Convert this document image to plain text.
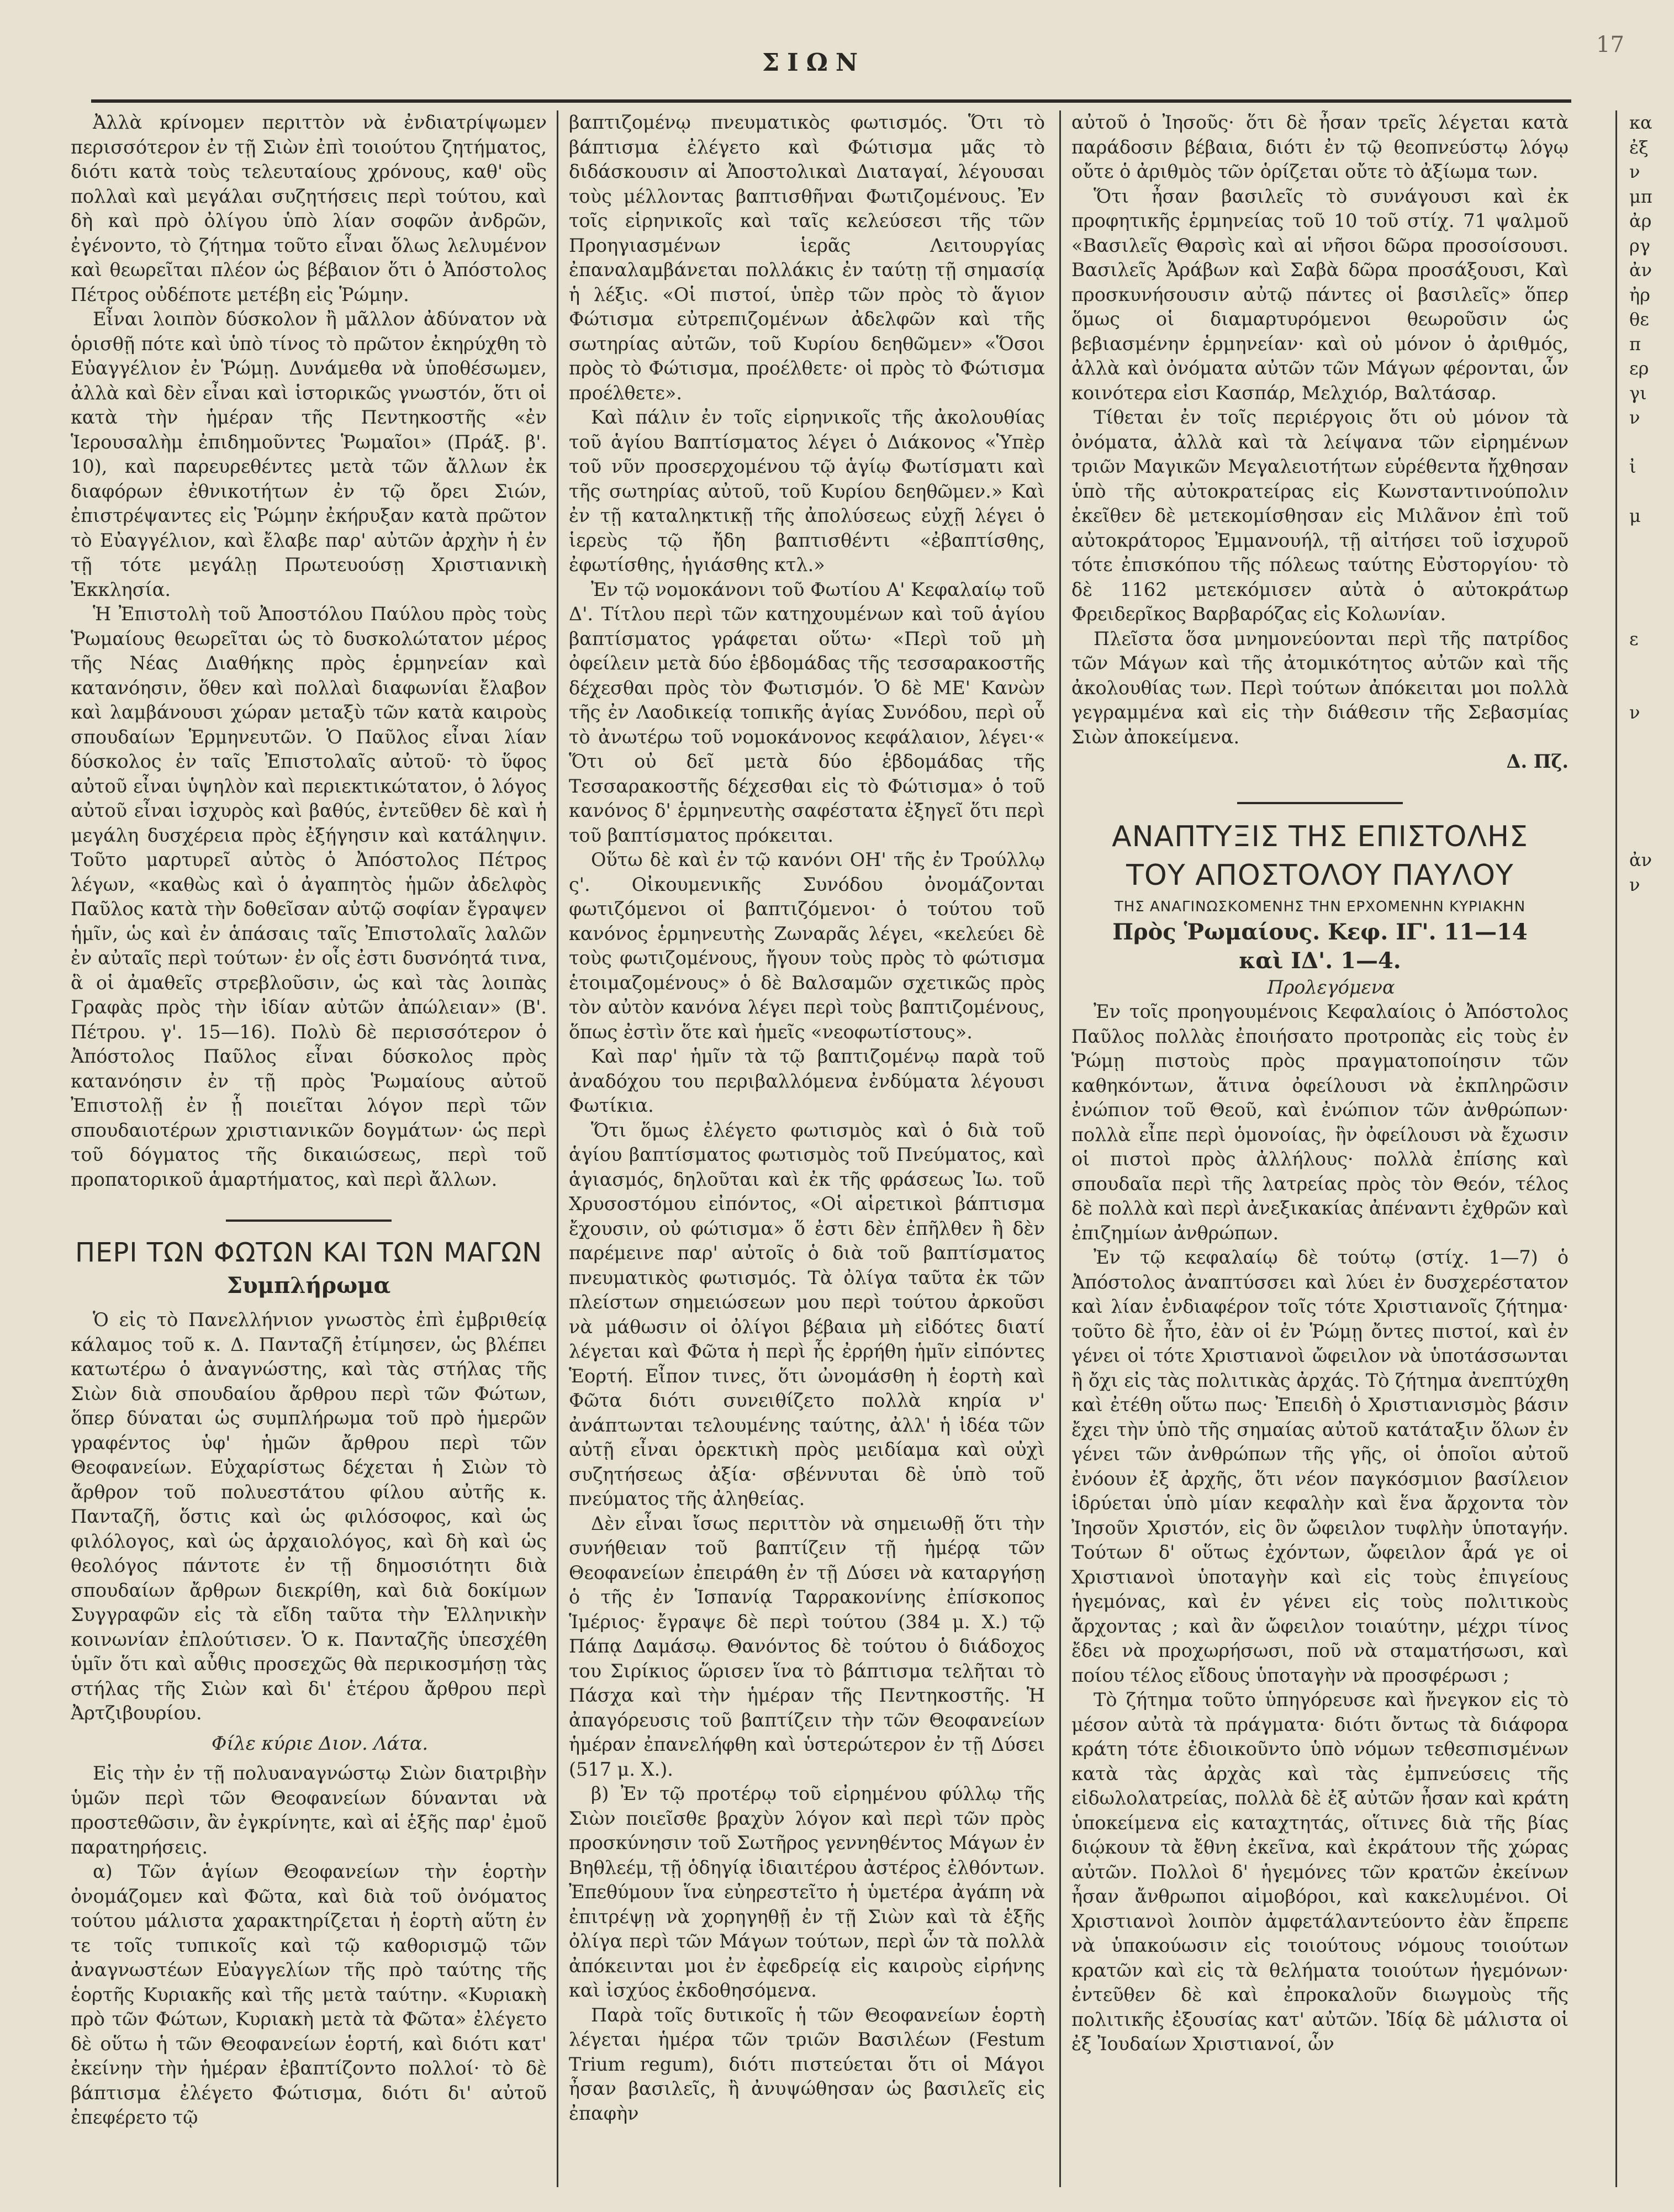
ΣΙΩΝ
17

Ἀλλὰ κρίνομεν περιττὸν νὰ ἐνδιατρίψωμεν περισσότερον ἐν τῇ Σιὼν ἐπὶ τοιούτου ζητήματος, διότι κατὰ τοὺς τελευταίους χρόνους, καθ' οὓς πολλαὶ καὶ μεγάλαι συζητήσεις περὶ τούτου, καὶ δὴ καὶ πρὸ ὀλίγου ὑπὸ λίαν σοφῶν ἀνδρῶν, ἐγένοντο, τὸ ζήτημα τοῦτο εἶναι ὅλως λελυμένον καὶ θεωρεῖται πλέον ὡς βέβαιον ὅτι ὁ Ἀπόστολος Πέτρος οὐδέποτε μετέβη εἰς Ῥώμην.

Εἶναι λοιπὸν δύσκολον ἢ μᾶλλον ἀδύνατον νὰ ὁρισθῇ πότε καὶ ὑπὸ τίνος τὸ πρῶτον ἐκηρύχθη τὸ Εὐαγγέλιον ἐν Ῥώμῃ. Δυνάμεθα νὰ ὑποθέσωμεν, ἀλλὰ καὶ δὲν εἶναι καὶ ἱστορικῶς γνωστόν, ὅτι οἱ κατὰ τὴν ἡμέραν τῆς Πεντηκοστῆς «ἐν Ἱερουσαλὴμ ἐπιδημοῦντες Ῥωμαῖοι» (Πράξ. β'. 10), καὶ παρευρεθέντες μετὰ τῶν ἄλλων ἐκ διαφόρων ἐθνικοτήτων ἐν τῷ ὄρει Σιών, ἐπιστρέψαντες εἰς Ῥώμην ἐκήρυξαν κατὰ πρῶτον τὸ Εὐαγγέλιον, καὶ ἔλαβε παρ' αὐτῶν ἀρχὴν ἡ ἐν τῇ τότε μεγάλῃ Πρωτευούσῃ Χριστιανικὴ Ἐκκλησία.

Ἡ Ἐπιστολὴ τοῦ Ἀποστόλου Παύλου πρὸς τοὺς Ῥωμαίους θεωρεῖται ὡς τὸ δυσκολώτατον μέρος τῆς Νέας Διαθήκης πρὸς ἑρμηνείαν καὶ κατανόησιν, ὅθεν καὶ πολλαὶ διαφωνίαι ἔλαβον καὶ λαμβάνουσι χώραν μεταξὺ τῶν κατὰ καιροὺς σπουδαίων Ἑρμηνευτῶν. Ὁ Παῦλος εἶναι λίαν δύσκολος ἐν ταῖς Ἐπιστολαῖς αὐτοῦ· τὸ ὕφος αὐτοῦ εἶναι ὑψηλὸν καὶ περιεκτικώτατον, ὁ λόγος αὐτοῦ εἶναι ἰσχυρὸς καὶ βαθύς, ἐντεῦθεν δὲ καὶ ἡ μεγάλη δυσχέρεια πρὸς ἐξήγησιν καὶ κατάληψιν. Τοῦτο μαρτυρεῖ αὐτὸς ὁ Ἀπόστολος Πέτρος λέγων, «καθὼς καὶ ὁ ἀγαπητὸς ἡμῶν ἀδελφὸς Παῦλος κατὰ τὴν δοθεῖσαν αὐτῷ σοφίαν ἔγραψεν ἡμῖν, ὡς καὶ ἐν ἁπάσαις ταῖς Ἐπιστολαῖς λαλῶν ἐν αὐταῖς περὶ τούτων· ἐν οἷς ἐστι δυσνόητά τινα, ἃ οἱ ἀμαθεῖς στρεβλοῦσιν, ὡς καὶ τὰς λοιπὰς Γραφὰς πρὸς τὴν ἰδίαν αὐτῶν ἀπώλειαν» (Β'. Πέτρου. γ'. 15—16). Πολὺ δὲ περισσότερον ὁ Ἀπόστολος Παῦλος εἶναι δύσκολος πρὸς κατανόησιν ἐν τῇ πρὸς Ῥωμαίους αὐτοῦ Ἐπιστολῇ ἐν ᾗ ποιεῖται λόγον περὶ τῶν σπουδαιοτέρων χριστιανικῶν δογμάτων· ὡς περὶ τοῦ δόγματος τῆς δικαιώσεως, περὶ τοῦ προπατορικοῦ ἁμαρτήματος, καὶ περὶ ἄλλων.

ΠΕΡΙ ΤΩΝ ΦΩΤΩΝ ΚΑΙ ΤΩΝ ΜΑΓΩΝ
Συμπλήρωμα

Ὁ εἰς τὸ Πανελλήνιον γνωστὸς ἐπὶ ἐμβριθείᾳ κάλαμος τοῦ κ. Δ. Πανταζῆ ἐτίμησεν, ὡς βλέπει κατωτέρω ὁ ἀναγνώστης, καὶ τὰς στήλας τῆς Σιὼν διὰ σπουδαίου ἄρθρου περὶ τῶν Φώτων, ὅπερ δύναται ὡς συμπλήρωμα τοῦ πρὸ ἡμερῶν γραφέντος ὑφ' ἡμῶν ἄρθρου περὶ τῶν Θεοφανείων. Εὐχαρίστως δέχεται ἡ Σιὼν τὸ ἄρθρον τοῦ πολυεστάτου φίλου αὐτῆς κ. Πανταζῆ, ὅστις καὶ ὡς φιλόσοφος, καὶ ὡς φιλόλογος, καὶ ὡς ἀρχαιολόγος, καὶ δὴ καὶ ὡς θεολόγος πάντοτε ἐν τῇ δημοσιότητι διὰ σπουδαίων ἄρθρων διεκρίθη, καὶ διὰ δοκίμων Συγγραφῶν εἰς τὰ εἴδη ταῦτα τὴν Ἑλληνικὴν κοινωνίαν ἐπλούτισεν. Ὁ κ. Πανταζῆς ὑπεσχέθη ὑμῖν ὅτι καὶ αὖθις προσεχῶς θὰ περικοσμήσῃ τὰς στήλας τῆς Σιὼν καὶ δι' ἑτέρου ἄρθρου περὶ Ἀρτζιβουρίου.

Φίλε κύριε Διον. Λάτα.

Εἰς τὴν ἐν τῇ πολυαναγνώστῳ Σιὼν διατριβὴν ὑμῶν περὶ τῶν Θεοφανείων δύνανται νὰ προστεθῶσιν, ἂν ἐγκρίνητε, καὶ αἱ ἑξῆς παρ' ἐμοῦ παρατηρήσεις.

α) Τῶν ἁγίων Θεοφανείων τὴν ἑορτὴν ὀνομάζομεν καὶ Φῶτα, καὶ διὰ τοῦ ὀνόματος τούτου μάλιστα χαρακτηρίζεται ἡ ἑορτὴ αὕτη ἐν τε τοῖς τυπικοῖς καὶ τῷ καθορισμῷ τῶν ἀναγνωστέων Εὐαγγελίων τῆς πρὸ ταύτης τῆς ἑορτῆς Κυριακῆς καὶ τῆς μετὰ ταύτην. «Κυριακὴ πρὸ τῶν Φώτων, Κυριακὴ μετὰ τὰ Φῶτα» ἐλέγετο δὲ οὕτω ἡ τῶν Θεοφανείων ἑορτή, καὶ διότι κατ' ἐκείνην τὴν ἡμέραν ἐβαπτίζοντο πολλοί· τὸ δὲ βάπτισμα ἐλέγετο Φώτισμα, διότι δι' αὐτοῦ ἐπεφέρετο τῷ

βαπτιζομένῳ πνευματικὸς φωτισμός. Ὅτι τὸ βάπτισμα ἐλέγετο καὶ Φώτισμα μᾶς τὸ διδάσκουσιν αἱ Ἀποστολικαὶ Διαταγαί, λέγουσαι τοὺς μέλλοντας βαπτισθῆναι Φωτιζομένους. Ἐν τοῖς εἱρηνικοῖς καὶ ταῖς κελεύσεσι τῆς τῶν Προηγιασμένων ἱερᾶς Λειτουργίας ἐπαναλαμβάνεται πολλάκις ἐν ταύτῃ τῇ σημασίᾳ ἡ λέξις. «Οἱ πιστοί, ὑπὲρ τῶν πρὸς τὸ ἅγιον Φώτισμα εὐτρεπιζομένων ἀδελφῶν καὶ τῆς σωτηρίας αὐτῶν, τοῦ Κυρίου δεηθῶμεν» «Ὅσοι πρὸς τὸ Φώτισμα, προέλθετε· οἱ πρὸς τὸ Φώτισμα προέλθετε».

Καὶ πάλιν ἐν τοῖς εἱρηνικοῖς τῆς ἀκολουθίας τοῦ ἁγίου Βαπτίσματος λέγει ὁ Διάκονος «Ὑπὲρ τοῦ νῦν προσερχομένου τῷ ἁγίῳ Φωτίσματι καὶ τῆς σωτηρίας αὐτοῦ, τοῦ Κυρίου δεηθῶμεν.» Καὶ ἐν τῇ καταληκτικῇ τῆς ἀπολύσεως εὐχῇ λέγει ὁ ἱερεὺς τῷ ἤδη βαπτισθέντι «ἐβαπτίσθης, ἐφωτίσθης, ἡγιάσθης κτλ.»

Ἐν τῷ νομοκάνονι τοῦ Φωτίου Α' Κεφαλαίῳ τοῦ Δ'. Τίτλου περὶ τῶν κατηχουμένων καὶ τοῦ ἁγίου βαπτίσματος γράφεται οὕτω· «Περὶ τοῦ μὴ ὀφείλειν μετὰ δύο ἑβδομάδας τῆς τεσσαρακοστῆς δέχεσθαι πρὸς τὸν Φωτισμόν. Ὁ δὲ ΜΕ' Κανὼν τῆς ἐν Λαοδικείᾳ τοπικῆς ἁγίας Συνόδου, περὶ οὗ τὸ ἀνωτέρω τοῦ νομοκάνονος κεφάλαιον, λέγει·« Ὅτι οὐ δεῖ μετὰ δύο ἑβδομάδας τῆς Τεσσαρακοστῆς δέχεσθαι εἰς τὸ Φώτισμα» ὁ τοῦ κανόνος δ' ἑρμηνευτὴς σαφέστατα ἐξηγεῖ ὅτι περὶ τοῦ βαπτίσματος πρόκειται.

Οὕτω δὲ καὶ ἐν τῷ κανόνι ΟΗ' τῆς ἐν Τρούλλῳ ς'. Οἰκουμενικῆς Συνόδου ὀνομάζονται φωτιζόμενοι οἱ βαπτιζόμενοι· ὁ τούτου τοῦ κανόνος ἑρμηνευτὴς Ζωναρᾶς λέγει, «κελεύει δὲ τοὺς φωτιζομένους, ἤγουν τοὺς πρὸς τὸ φώτισμα ἑτοιμαζομένους» ὁ δὲ Βαλσαμῶν σχετικῶς πρὸς τὸν αὐτὸν κανόνα λέγει περὶ τοὺς βαπτιζομένους, ὅπως ἐστὶν ὅτε καὶ ἡμεῖς «νεοφωτίστους».

Καὶ παρ' ἡμῖν τὰ τῷ βαπτιζομένῳ παρὰ τοῦ ἀναδόχου του περιβαλλόμενα ἐνδύματα λέγουσι Φωτίκια.

Ὅτι ὅμως ἐλέγετο φωτισμὸς καὶ ὁ διὰ τοῦ ἁγίου βαπτίσματος φωτισμὸς τοῦ Πνεύματος, καὶ ἁγιασμός, δηλοῦται καὶ ἐκ τῆς φράσεως Ἰω. τοῦ Χρυσοστόμου εἰπόντος, «Οἱ αἱρετικοὶ βάπτισμα ἔχουσιν, οὐ φώτισμα» ὅ ἐστι δὲν ἐπῆλθεν ἢ δὲν παρέμεινε παρ' αὐτοῖς ὁ διὰ τοῦ βαπτίσματος πνευματικὸς φωτισμός. Τὰ ὀλίγα ταῦτα ἐκ τῶν πλείστων σημειώσεων μου περὶ τούτου ἀρκοῦσι νὰ μάθωσιν οἱ ὀλίγοι βέβαια μὴ εἰδότες διατί λέγεται καὶ Φῶτα ἡ περὶ ἧς ἐρρήθη ἡμῖν εἰπόντες Ἑορτή. Εἶπον τινες, ὅτι ὠνομάσθη ἡ ἑορτὴ καὶ Φῶτα διότι συνειθίζετο πολλὰ κηρία ν' ἀνάπτωνται τελουμένης ταύτης, ἀλλ' ἡ ἰδέα τῶν αὐτῇ εἶναι ὀρεκτικὴ πρὸς μειδίαμα καὶ οὐχὶ συζητήσεως ἀξία· σβέννυται δὲ ὑπὸ τοῦ πνεύματος τῆς ἀληθείας.

Δὲν εἶναι ἴσως περιττὸν νὰ σημειωθῇ ὅτι τὴν συνήθειαν τοῦ βαπτίζειν τῇ ἡμέρᾳ τῶν Θεοφανείων ἐπειράθη ἐν τῇ Δύσει νὰ καταργήσῃ ὁ τῆς ἐν Ἱσπανίᾳ Ταρρακονίνης ἐπίσκοπος Ἱμέριος· ἔγραψε δὲ περὶ τούτου (384 μ. Χ.) τῷ Πάπᾳ Δαμάσῳ. Θανόντος δὲ τούτου ὁ διάδοχος του Σιρίκιος ὥρισεν ἵνα τὸ βάπτισμα τελῆται τὸ Πάσχα καὶ τὴν ἡμέραν τῆς Πεντηκοστῆς. Ἡ ἀπαγόρευσις τοῦ βαπτίζειν τὴν τῶν Θεοφανείων ἡμέραν ἐπανελήφθη καὶ ὑστερώτερον ἐν τῇ Δύσει (517 μ. Χ.).

β) Ἐν τῷ προτέρῳ τοῦ εἰρημένου φύλλῳ τῆς Σιὼν ποιεῖσθε βραχὺν λόγον καὶ περὶ τῶν πρὸς προσκύνησιν τοῦ Σωτῆρος γεννηθέντος Μάγων ἐν Βηθλεέμ, τῇ ὁδηγίᾳ ἰδιαιτέρου ἀστέρος ἐλθόντων. Ἐπεθύμουν ἵνα εὐηρεστεῖτο ἡ ὑμετέρα ἀγάπη νὰ ἐπιτρέψῃ νὰ χορηγηθῇ ἐν τῇ Σιὼν καὶ τὰ ἑξῆς ὀλίγα περὶ τῶν Μάγων τούτων, περὶ ὧν τὰ πολλὰ ἀπόκεινται μοι ἐν ἐφεδρείᾳ εἰς καιροὺς εἰρήνης καὶ ἰσχύος ἐκδοθησόμενα.

Παρὰ τοῖς δυτικοῖς ἡ τῶν Θεοφανείων ἑορτὴ λέγεται ἡμέρα τῶν τριῶν Βασιλέων (Festum Trium regum), διότι πιστεύεται ὅτι οἱ Μάγοι ἦσαν βασιλεῖς, ἢ ἀνυψώθησαν ὡς βασιλεῖς εἰς ἐπαφὴν

αὐτοῦ ὁ Ἰησοῦς· ὅτι δὲ ἦσαν τρεῖς λέγεται κατὰ παράδοσιν βέβαια, διότι ἐν τῷ θεοπνεύστῳ λόγῳ οὔτε ὁ ἀριθμὸς τῶν ὁρίζεται οὔτε τὸ ἀξίωμα των.

Ὅτι ἦσαν βασιλεῖς τὸ συνάγουσι καὶ ἐκ προφητικῆς ἑρμηνείας τοῦ 10 τοῦ στίχ. 71 ψαλμοῦ «Βασιλεῖς Θαρσὶς καὶ αἱ νῆσοι δῶρα προσοίσουσι. Βασιλεῖς Ἀράβων καὶ Σαβὰ δῶρα προσάξουσι, Καὶ προσκυνήσουσιν αὐτῷ πάντες οἱ βασιλεῖς» ὅπερ ὅμως οἱ διαμαρτυρόμενοι θεωροῦσιν ὡς βεβιασμένην ἑρμηνείαν· καὶ οὐ μόνον ὁ ἀριθμός, ἀλλὰ καὶ ὀνόματα αὐτῶν τῶν Μάγων φέρονται, ὧν κοινότερα εἰσι Κασπάρ, Μελχιόρ, Βαλτάσαρ.

Τίθεται ἐν τοῖς περιέργοις ὅτι οὐ μόνον τὰ ὀνόματα, ἀλλὰ καὶ τὰ λείψανα τῶν εἰρημένων τριῶν Μαγικῶν Μεγαλειοτήτων εὑρέθεντα ἤχθησαν ὑπὸ τῆς αὐτοκρατείρας εἰς Κωνσταντινούπολιν ἐκεῖθεν δὲ μετεκομίσθησαν εἰς Μιλᾶνον ἐπὶ τοῦ αὐτοκράτορος Ἐμμανουήλ, τῇ αἰτήσει τοῦ ἰσχυροῦ τότε ἐπισκόπου τῆς πόλεως ταύτης Εὐστοργίου· τὸ δὲ 1162 μετεκόμισεν αὐτὰ ὁ αὐτοκράτωρ Φρειδερῖκος Βαρβαρόζας εἰς Κολωνίαν.

Πλεῖστα ὅσα μνημονεύονται περὶ τῆς πατρίδος τῶν Μάγων καὶ τῆς ἀτομικότητος αὐτῶν καὶ τῆς ἀκολουθίας των. Περὶ τούτων ἀπόκειται μοι πολλὰ γεγραμμένα καὶ εἰς τὴν διάθεσιν τῆς Σεβασμίας Σιὼν ἀποκείμενα.

Δ. Πζ.
ΑΝΑΠΤΥΞΙΣ ΤΗΣ ΕΠΙΣΤΟΛΗΣ
ΤΟΥ ΑΠΟΣΤΟΛΟΥ ΠΑΥΛΟΥ
ΤΗΣ ΑΝΑΓΙΝΩΣΚΟΜΕΝΗΣ ΤΗΝ ΕΡΧΟΜΕΝΗΝ ΚΥΡΙΑΚΗΝ
Πρὸς Ῥωμαίους. Κεφ. ΙΓ'. 11—14
καὶ ΙΔ'. 1—4.

Προλεγόμενα

Ἐν τοῖς προηγουμένοις Κεφαλαίοις ὁ Ἀπόστολος Παῦλος πολλὰς ἐποιήσατο προτροπὰς εἰς τοὺς ἐν Ῥώμῃ πιστοὺς πρὸς πραγματοποίησιν τῶν καθηκόντων, ἅτινα ὀφείλουσι νὰ ἐκπληρῶσιν ἐνώπιον τοῦ Θεοῦ, καὶ ἐνώπιον τῶν ἀνθρώπων· πολλὰ εἶπε περὶ ὁμονοίας, ἣν ὀφείλουσι νὰ ἔχωσιν οἱ πιστοὶ πρὸς ἀλλήλους· πολλὰ ἐπίσης καὶ σπουδαῖα περὶ τῆς λατρείας πρὸς τὸν Θεόν, τέλος δὲ πολλὰ καὶ περὶ ἀνεξικακίας ἀπέναντι ἐχθρῶν καὶ ἐπιζημίων ἀνθρώπων.

Ἐν τῷ κεφαλαίῳ δὲ τούτῳ (στίχ. 1—7) ὁ Ἀπόστολος ἀναπτύσσει καὶ λύει ἐν δυσχερέστατον καὶ λίαν ἐνδιαφέρον τοῖς τότε Χριστιανοῖς ζήτημα· τοῦτο δὲ ἦτο, ἐὰν οἱ ἐν Ῥώμῃ ὄντες πιστοί, καὶ ἐν γένει οἱ τότε Χριστιανοὶ ὤφειλον νὰ ὑποτάσσωνται ἢ ὄχι εἰς τὰς πολιτικὰς ἀρχάς. Τὸ ζήτημα ἀνεπτύχθη καὶ ἐτέθη οὕτω πως· Ἐπειδὴ ὁ Χριστιανισμὸς βάσιν ἔχει τὴν ὑπὸ τῆς σημαίας αὐτοῦ κατάταξιν ὅλων ἐν γένει τῶν ἀνθρώπων τῆς γῆς, οἱ ὁποῖοι αὐτοῦ ἐνόουν ἐξ ἀρχῆς, ὅτι νέον παγκόσμιον βασίλειον ἱδρύεται ὑπὸ μίαν κεφαλὴν καὶ ἕνα ἄρχοντα τὸν Ἰησοῦν Χριστόν, εἰς ὃν ὤφειλον τυφλὴν ὑποταγήν. Τούτων δ' οὕτως ἐχόντων, ὤφειλον ἆρά γε οἱ Χριστιανοὶ ὑποταγὴν καὶ εἰς τοὺς ἐπιγείους ἡγεμόνας, καὶ ἐν γένει εἰς τοὺς πολιτικοὺς ἄρχοντας ; καὶ ἂν ὤφειλον τοιαύτην, μέχρι τίνος ἔδει νὰ προχωρήσωσι, ποῦ νὰ σταματήσωσι, καὶ ποίου τέλος εἴδους ὑποταγὴν νὰ προσφέρωσι ;

Τὸ ζήτημα τοῦτο ὑπηγόρευσε καὶ ἤνεγκον εἰς τὸ μέσον αὐτὰ τὰ πράγματα· διότι ὄντως τὰ διάφορα κράτη τότε ἐδιοικοῦντο ὑπὸ νόμων τεθεσπισμένων κατὰ τὰς ἀρχὰς καὶ τὰς ἐμπνεύσεις τῆς εἰδωλολατρείας, πολλὰ δὲ ἐξ αὐτῶν ἦσαν καὶ κράτη ὑποκείμενα εἰς καταχτητάς, οἵτινες διὰ τῆς βίας διῴκουν τὰ ἔθνη ἐκεῖνα, καὶ ἐκράτουν τῆς χώρας αὐτῶν. Πολλοὶ δ' ἡγεμόνες τῶν κρατῶν ἐκείνων ἦσαν ἄνθρωποι αἱμοβόροι, καὶ κακελυμένοι. Οἱ Χριστιανοὶ λοιπὸν ἀμφετάλαντεύοντο ἐὰν ἔπρεπε νὰ ὑπακούωσιν εἰς τοιούτους νόμους τοιούτων κρατῶν καὶ εἰς τὰ θελήματα τοιούτων ἡγεμόνων· ἐντεῦθεν δὲ καὶ ἐπροκαλοῦν διωγμοὺς τῆς πολιτικῆς ἐξουσίας κατ' αὐτῶν. Ἰδίᾳ δὲ μάλιστα οἱ ἐξ Ἰουδαίων Χριστιανοί, ὧν

κα
ἐξ
ν
μπ
ἀρ
ργ
ἀν
ἠρ
θε
π
ερ
γι
ν

ἰ

μ

ε

ν

ἀν
ν
